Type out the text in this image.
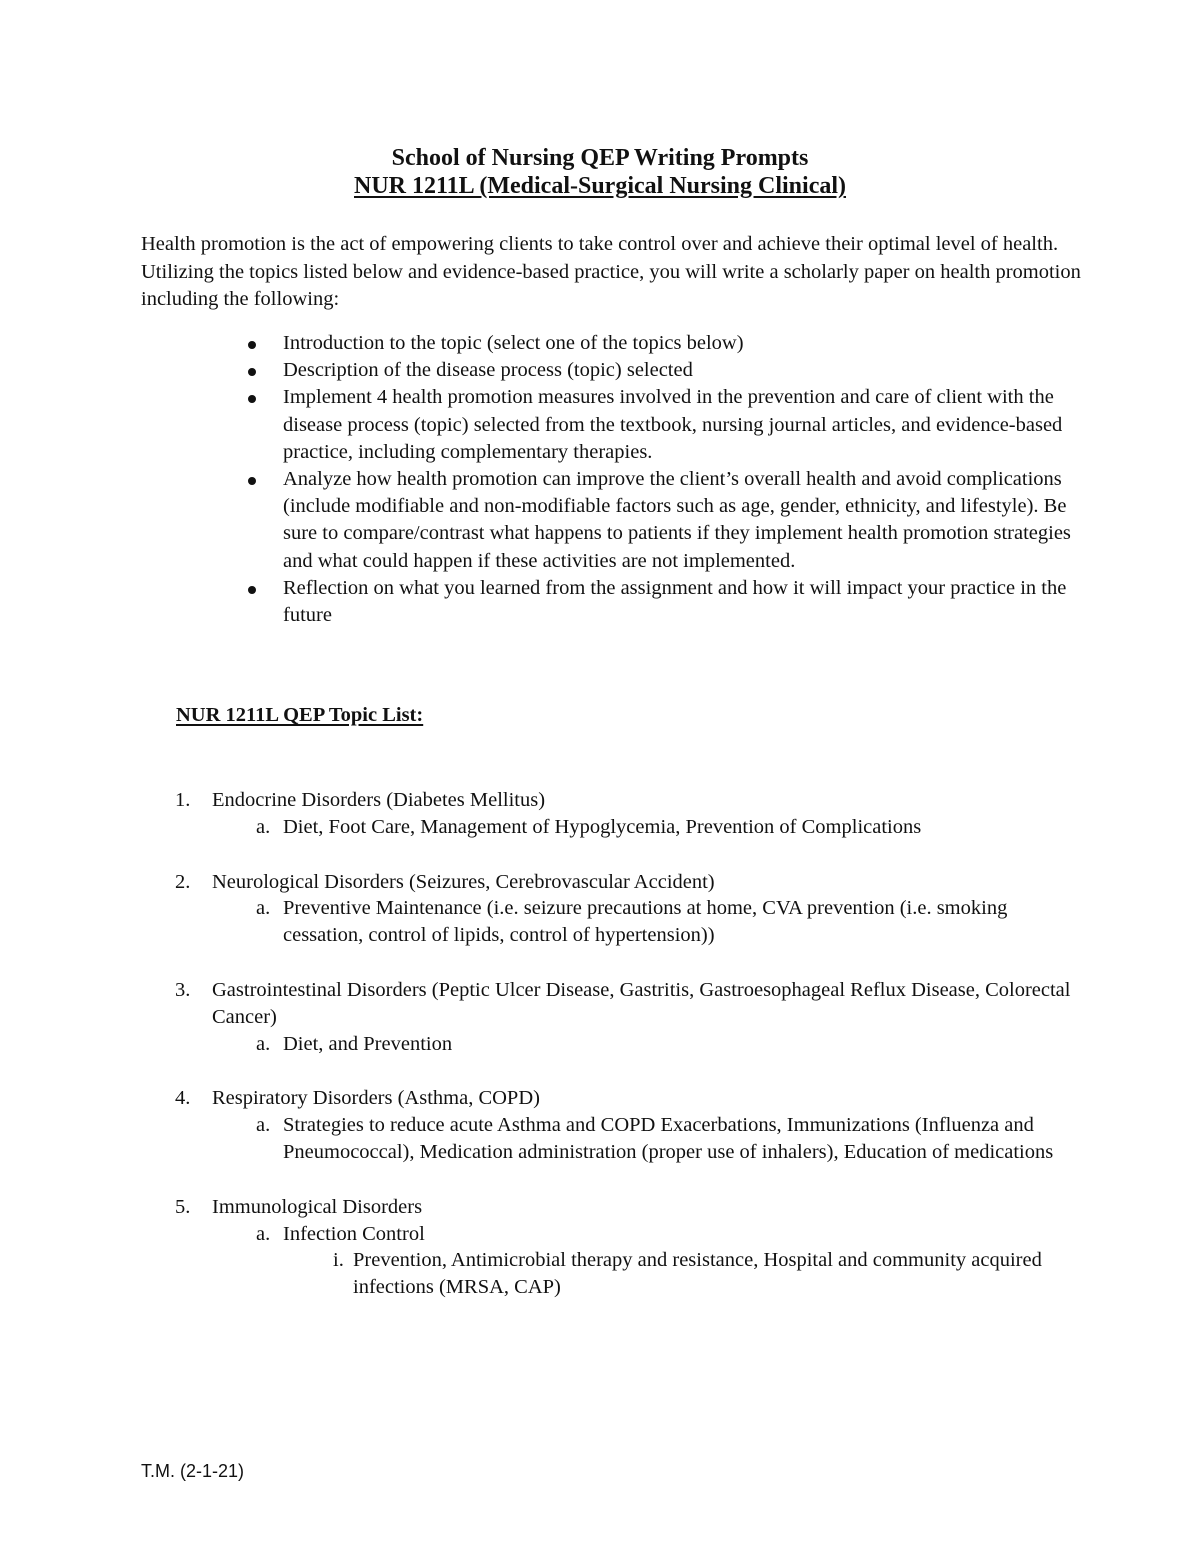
School of Nursing QEP Writing Prompts
NUR 1211L (Medical-Surgical Nursing Clinical)

Health promotion is the act of empowering clients to take control over and achieve their optimal level of health. Utilizing the topics listed below and evidence-based practice, you will write a scholarly paper on health promotion including the following:

Introduction to the topic (select one of the topics below)
Description of the disease process (topic) selected
Implement 4 health promotion measures involved in the prevention and care of client with the disease process (topic) selected from the textbook, nursing journal articles, and evidence-based practice, including complementary therapies.
Analyze how health promotion can improve the client’s overall health and avoid complications (include modifiable and non-modifiable factors such as age, gender, ethnicity, and lifestyle). Be sure to compare/contrast what happens to patients if they implement health promotion strategies and what could happen if these activities are not implemented.
Reflection on what you learned from the assignment and how it will impact your practice in the future
NUR 1211L QEP Topic List:
1. Endocrine Disorders (Diabetes Mellitus)
a. Diet, Foot Care, Management of Hypoglycemia, Prevention of Complications
2. Neurological Disorders (Seizures, Cerebrovascular Accident)
a. Preventive Maintenance (i.e. seizure precautions at home, CVA prevention (i.e. smoking cessation, control of lipids, control of hypertension))
3. Gastrointestinal Disorders (Peptic Ulcer Disease, Gastritis, Gastroesophageal Reflux Disease, Colorectal Cancer)
a. Diet, and Prevention
4. Respiratory Disorders (Asthma, COPD)
a. Strategies to reduce acute Asthma and COPD Exacerbations, Immunizations (Influenza and Pneumococcal), Medication administration (proper use of inhalers), Education of medications
5. Immunological Disorders
a. Infection Control
i. Prevention, Antimicrobial therapy and resistance, Hospital and community acquired infections (MRSA, CAP)
T.M. (2-1-21)
